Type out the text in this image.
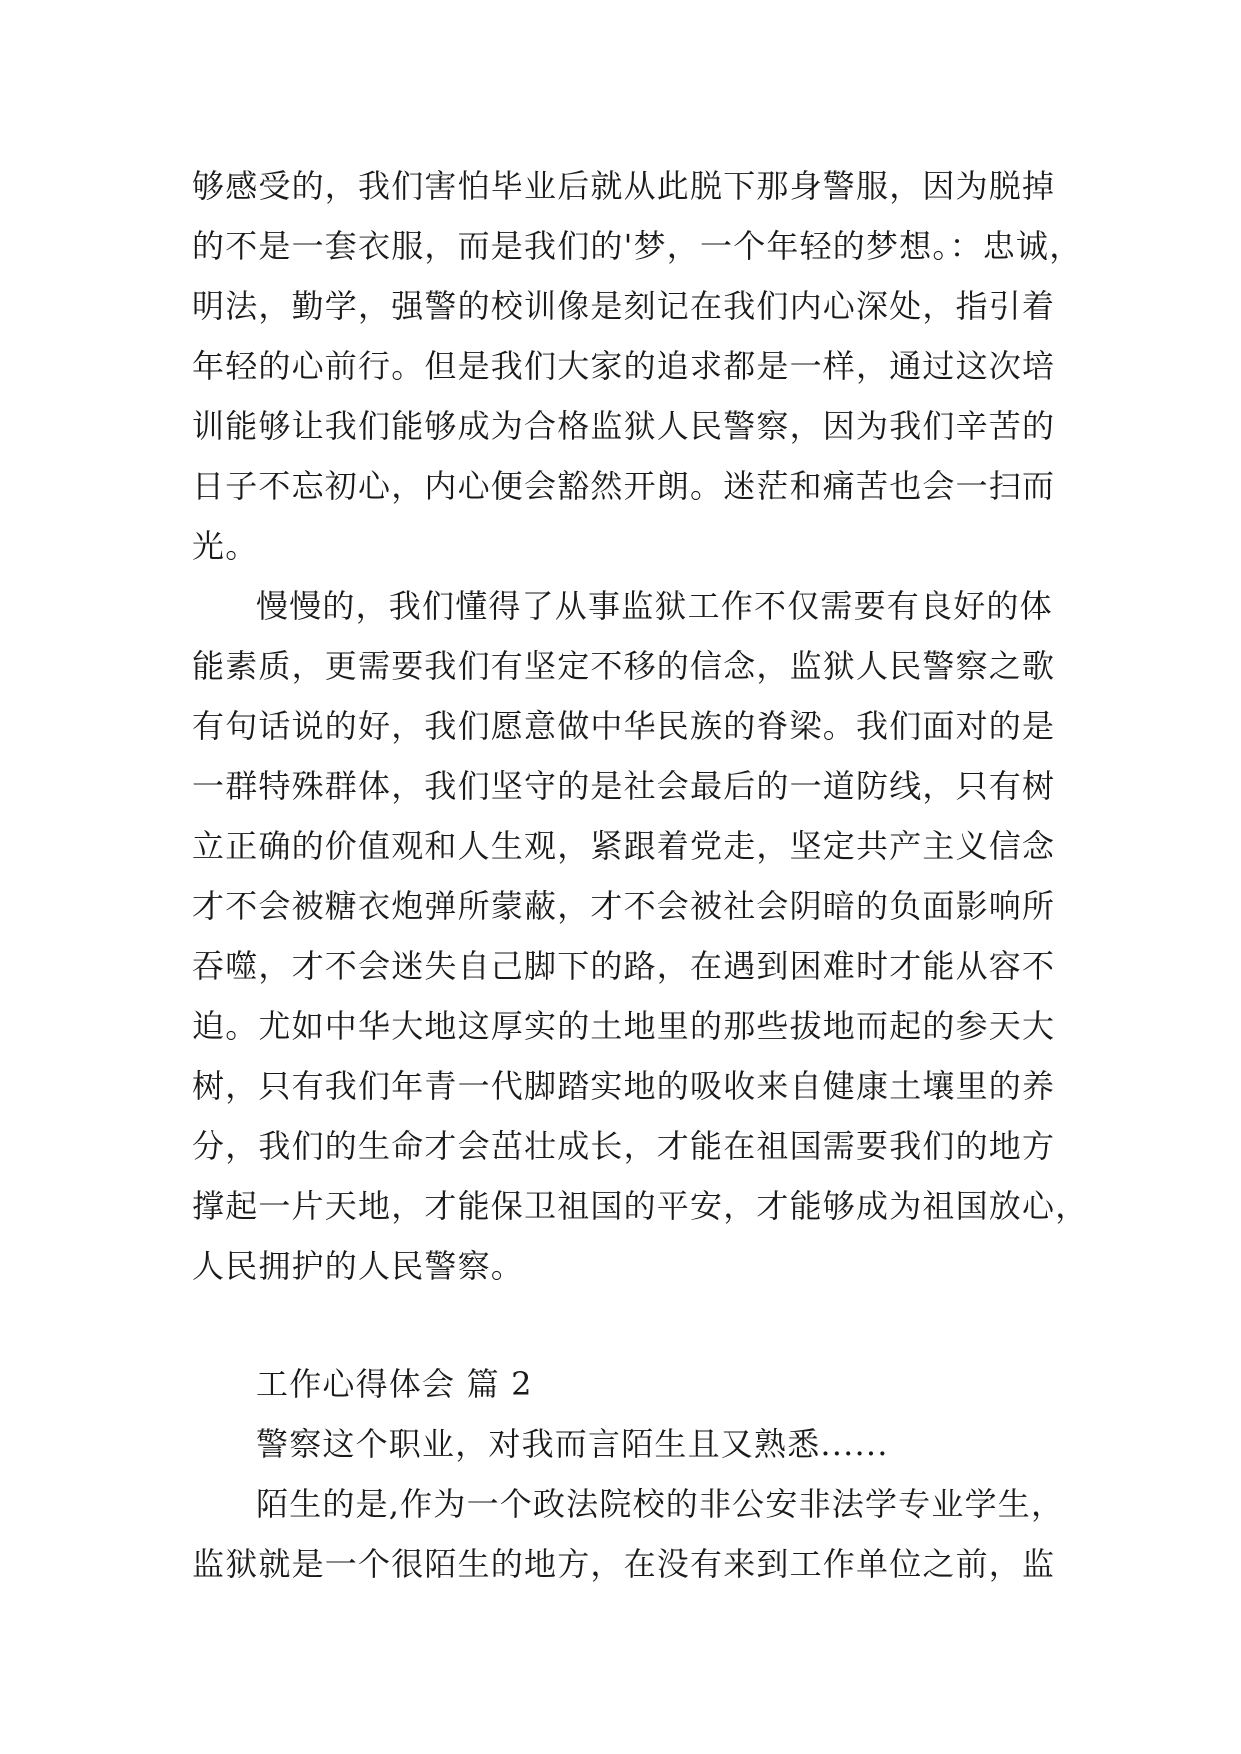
够感受的，我们害怕毕业后就从此脱下那身警服，因为脱掉
的不是一套衣服，而是我们的'梦，一个年轻的梦想。：忠诚，
明法，勤学，强警的校训像是刻记在我们内心深处，指引着
年轻的心前行。但是我们大家的追求都是一样，通过这次培
训能够让我们能够成为合格监狱人民警察，因为我们辛苦的
日子不忘初心，内心便会豁然开朗。迷茫和痛苦也会一扫而
光。
慢慢的，我们懂得了从事监狱工作不仅需要有良好的体
能素质，更需要我们有坚定不移的信念，监狱人民警察之歌
有句话说的好，我们愿意做中华民族的脊梁。我们面对的是
一群特殊群体，我们坚守的是社会最后的一道防线，只有树
立正确的价值观和人生观，紧跟着党走，坚定共产主义信念
才不会被糖衣炮弹所蒙蔽，才不会被社会阴暗的负面影响所
吞噬，才不会迷失自己脚下的路，在遇到困难时才能从容不
迫。尤如中华大地这厚实的土地里的那些拔地而起的参天大
树，只有我们年青一代脚踏实地的吸收来自健康土壤里的养
分，我们的生命才会茁壮成长，才能在祖国需要我们的地方
撑起一片天地，才能保卫祖国的平安，才能够成为祖国放心，
人民拥护的人民警察。
工作心得体会 篇 2
警察这个职业，对我而言陌生且又熟悉......
陌生的是,作为一个政法院校的非公安非法学专业学生，
监狱就是一个很陌生的地方，在没有来到工作单位之前，监
